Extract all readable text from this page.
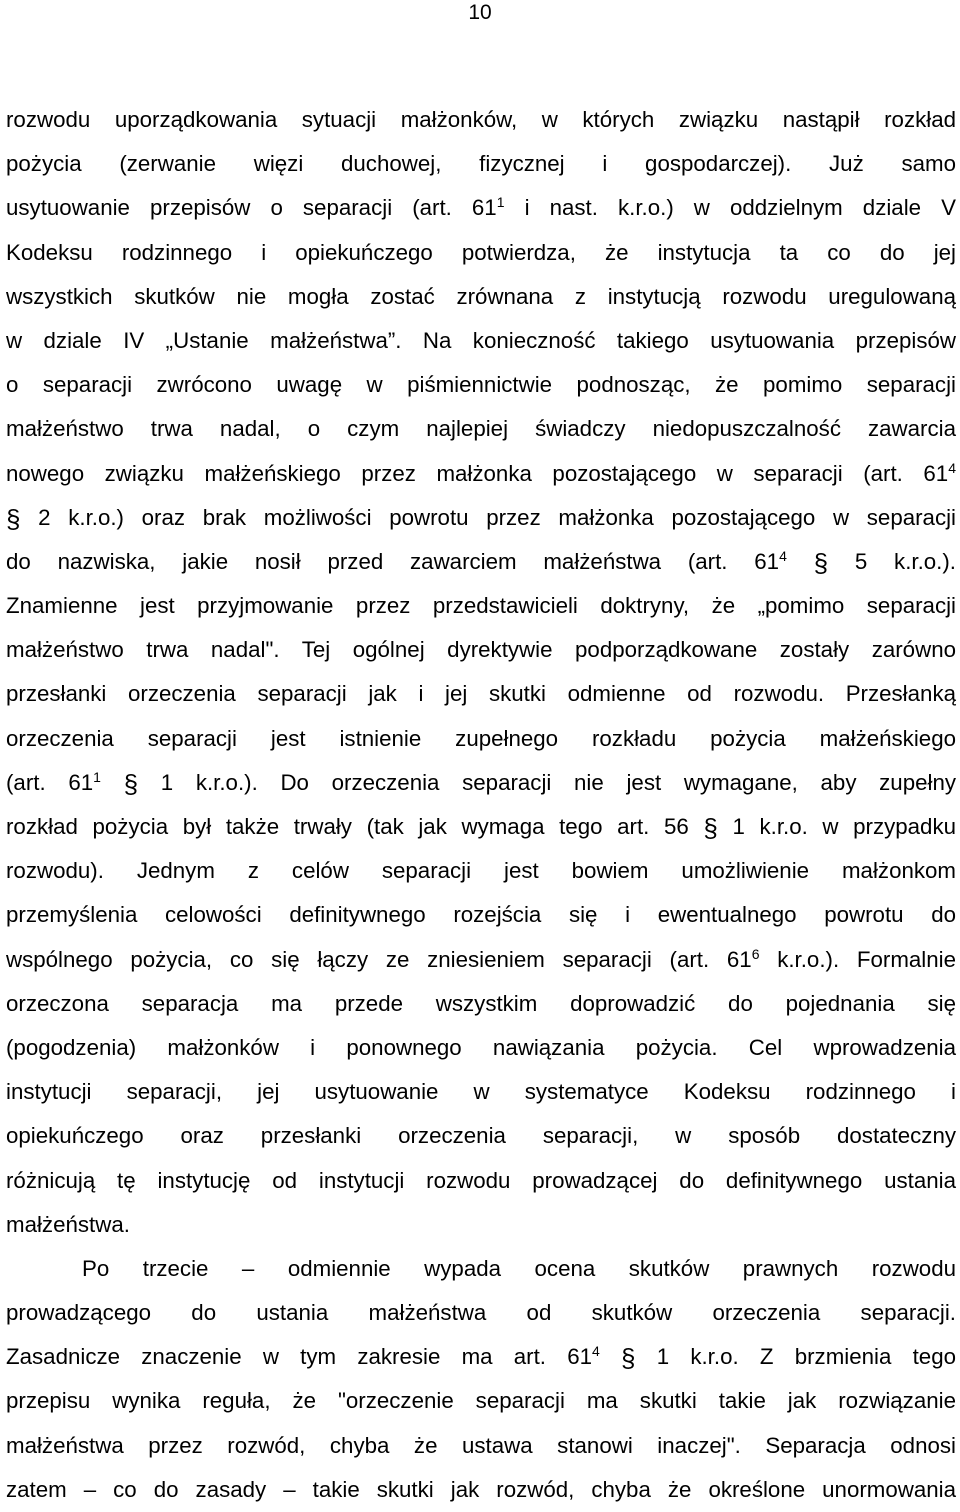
10
rozwodu uporządkowania sytuacji małżonków, w których związku nastąpił rozkład
pożycia (zerwanie więzi duchowej, fizycznej i gospodarczej). Już samo
usytuowanie przepisów o separacji (art. $61^1$ i nast. k.r.o.) w oddzielnym dziale V
Kodeksu rodzinnego i opiekuńczego potwierdza, że instytucja ta co do jej
wszystkich skutków nie mogła zostać zrównana z instytucją rozwodu uregulowaną
w dziale IV „Ustanie małżeństwa”. Na konieczność takiego usytuowania przepisów
o separacji zwrócono uwagę w piśmiennictwie podnosząc, że pomimo separacji
małżeństwo trwa nadal, o czym najlepiej świadczy niedopuszczalność zawarcia
nowego związku małżeńskiego przez małżonka pozostającego w separacji (art. $61^4$
§ 2 k.r.o.) oraz brak możliwości powrotu przez małżonka pozostającego w separacji
do nazwiska, jakie nosił przed zawarciem małżeństwa (art. $61^4$ § 5 k.r.o.).
Znamienne jest przyjmowanie przez przedstawicieli doktryny, że „pomimo separacji
małżeństwo trwa nadal". Tej ogólnej dyrektywie podporządkowane zostały zarówno
przesłanki orzeczenia separacji jak i jej skutki odmienne od rozwodu. Przesłanką
orzeczenia separacji jest istnienie zupełnego rozkładu pożycia małżeńskiego
(art. $61^1$ § 1 k.r.o.). Do orzeczenia separacji nie jest wymagane, aby zupełny
rozkład pożycia był także trwały (tak jak wymaga tego art. 56 § 1 k.r.o. w przypadku
rozwodu). Jednym z celów separacji jest bowiem umożliwienie małżonkom
przemyślenia celowości definitywnego rozejścia się i ewentualnego powrotu do
wspólnego pożycia, co się łączy ze zniesieniem separacji (art. $61^6$ k.r.o.). Formalnie
orzeczona separacja ma przede wszystkim doprowadzić do pojednania się
(pogodzenia) małżonków i ponownego nawiązania pożycia. Cel wprowadzenia
instytucji separacji, jej usytuowanie w systematyce Kodeksu rodzinnego i
opiekuńczego oraz przesłanki orzeczenia separacji, w sposób dostateczny
różnicują tę instytucję od instytucji rozwodu prowadzącej do definitywnego ustania
małżeństwa.
Po trzecie – odmiennie wypada ocena skutków prawnych rozwodu
prowadzącego do ustania małżeństwa od skutków orzeczenia separacji.
Zasadnicze znaczenie w tym zakresie ma art. $61^4$ § 1 k.r.o. Z brzmienia tego
przepisu wynika reguła, że "orzeczenie separacji ma skutki takie jak rozwiązanie
małżeństwa przez rozwód, chyba że ustawa stanowi inaczej". Separacja odnosi
zatem – co do zasady – takie skutki jak rozwód, chyba że określone unormowania
